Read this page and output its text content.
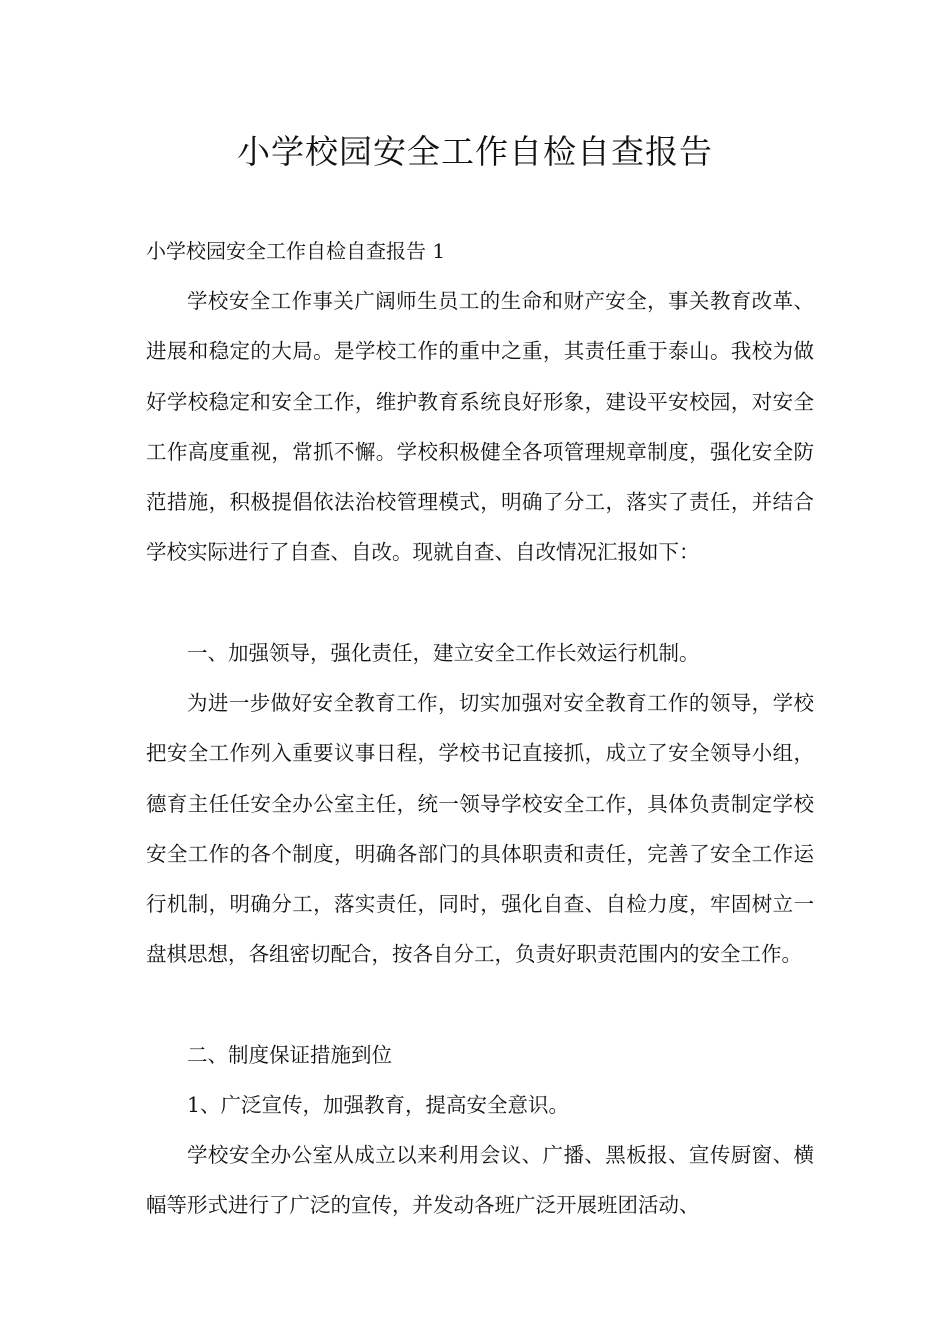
小学校园安全工作自检自查报告
小学校园安全工作自检自查报告 1

学校安全工作事关广阔师生员工的生命和财产安全，事关教育改革、进展和稳定的大局。是学校工作的重中之重，其责任重于泰山。我校为做好学校稳定和安全工作，维护教育系统良好形象，建设平安校园，对安全工作高度重视，常抓不懈。学校积极健全各项管理规章制度，强化安全防范措施，积极提倡依法治校管理模式，明确了分工，落实了责任，并结合学校实际进行了自查、自改。现就自查、自改情况汇报如下：

一、加强领导，强化责任，建立安全工作长效运行机制。

为进一步做好安全教育工作，切实加强对安全教育工作的领导，学校把安全工作列入重要议事日程，学校书记直接抓，成立了安全领导小组，德育主任任安全办公室主任，统一领导学校安全工作，具体负责制定学校安全工作的各个制度，明确各部门的具体职责和责任，完善了安全工作运行机制，明确分工，落实责任，同时，强化自查、自检力度，牢固树立一盘棋思想，各组密切配合，按各自分工，负责好职责范围内的安全工作。

二、制度保证措施到位

1、广泛宣传，加强教育，提高安全意识。

学校安全办公室从成立以来利用会议、广播、黑板报、宣传厨窗、横幅等形式进行了广泛的宣传，并发动各班广泛开展班团活动、
